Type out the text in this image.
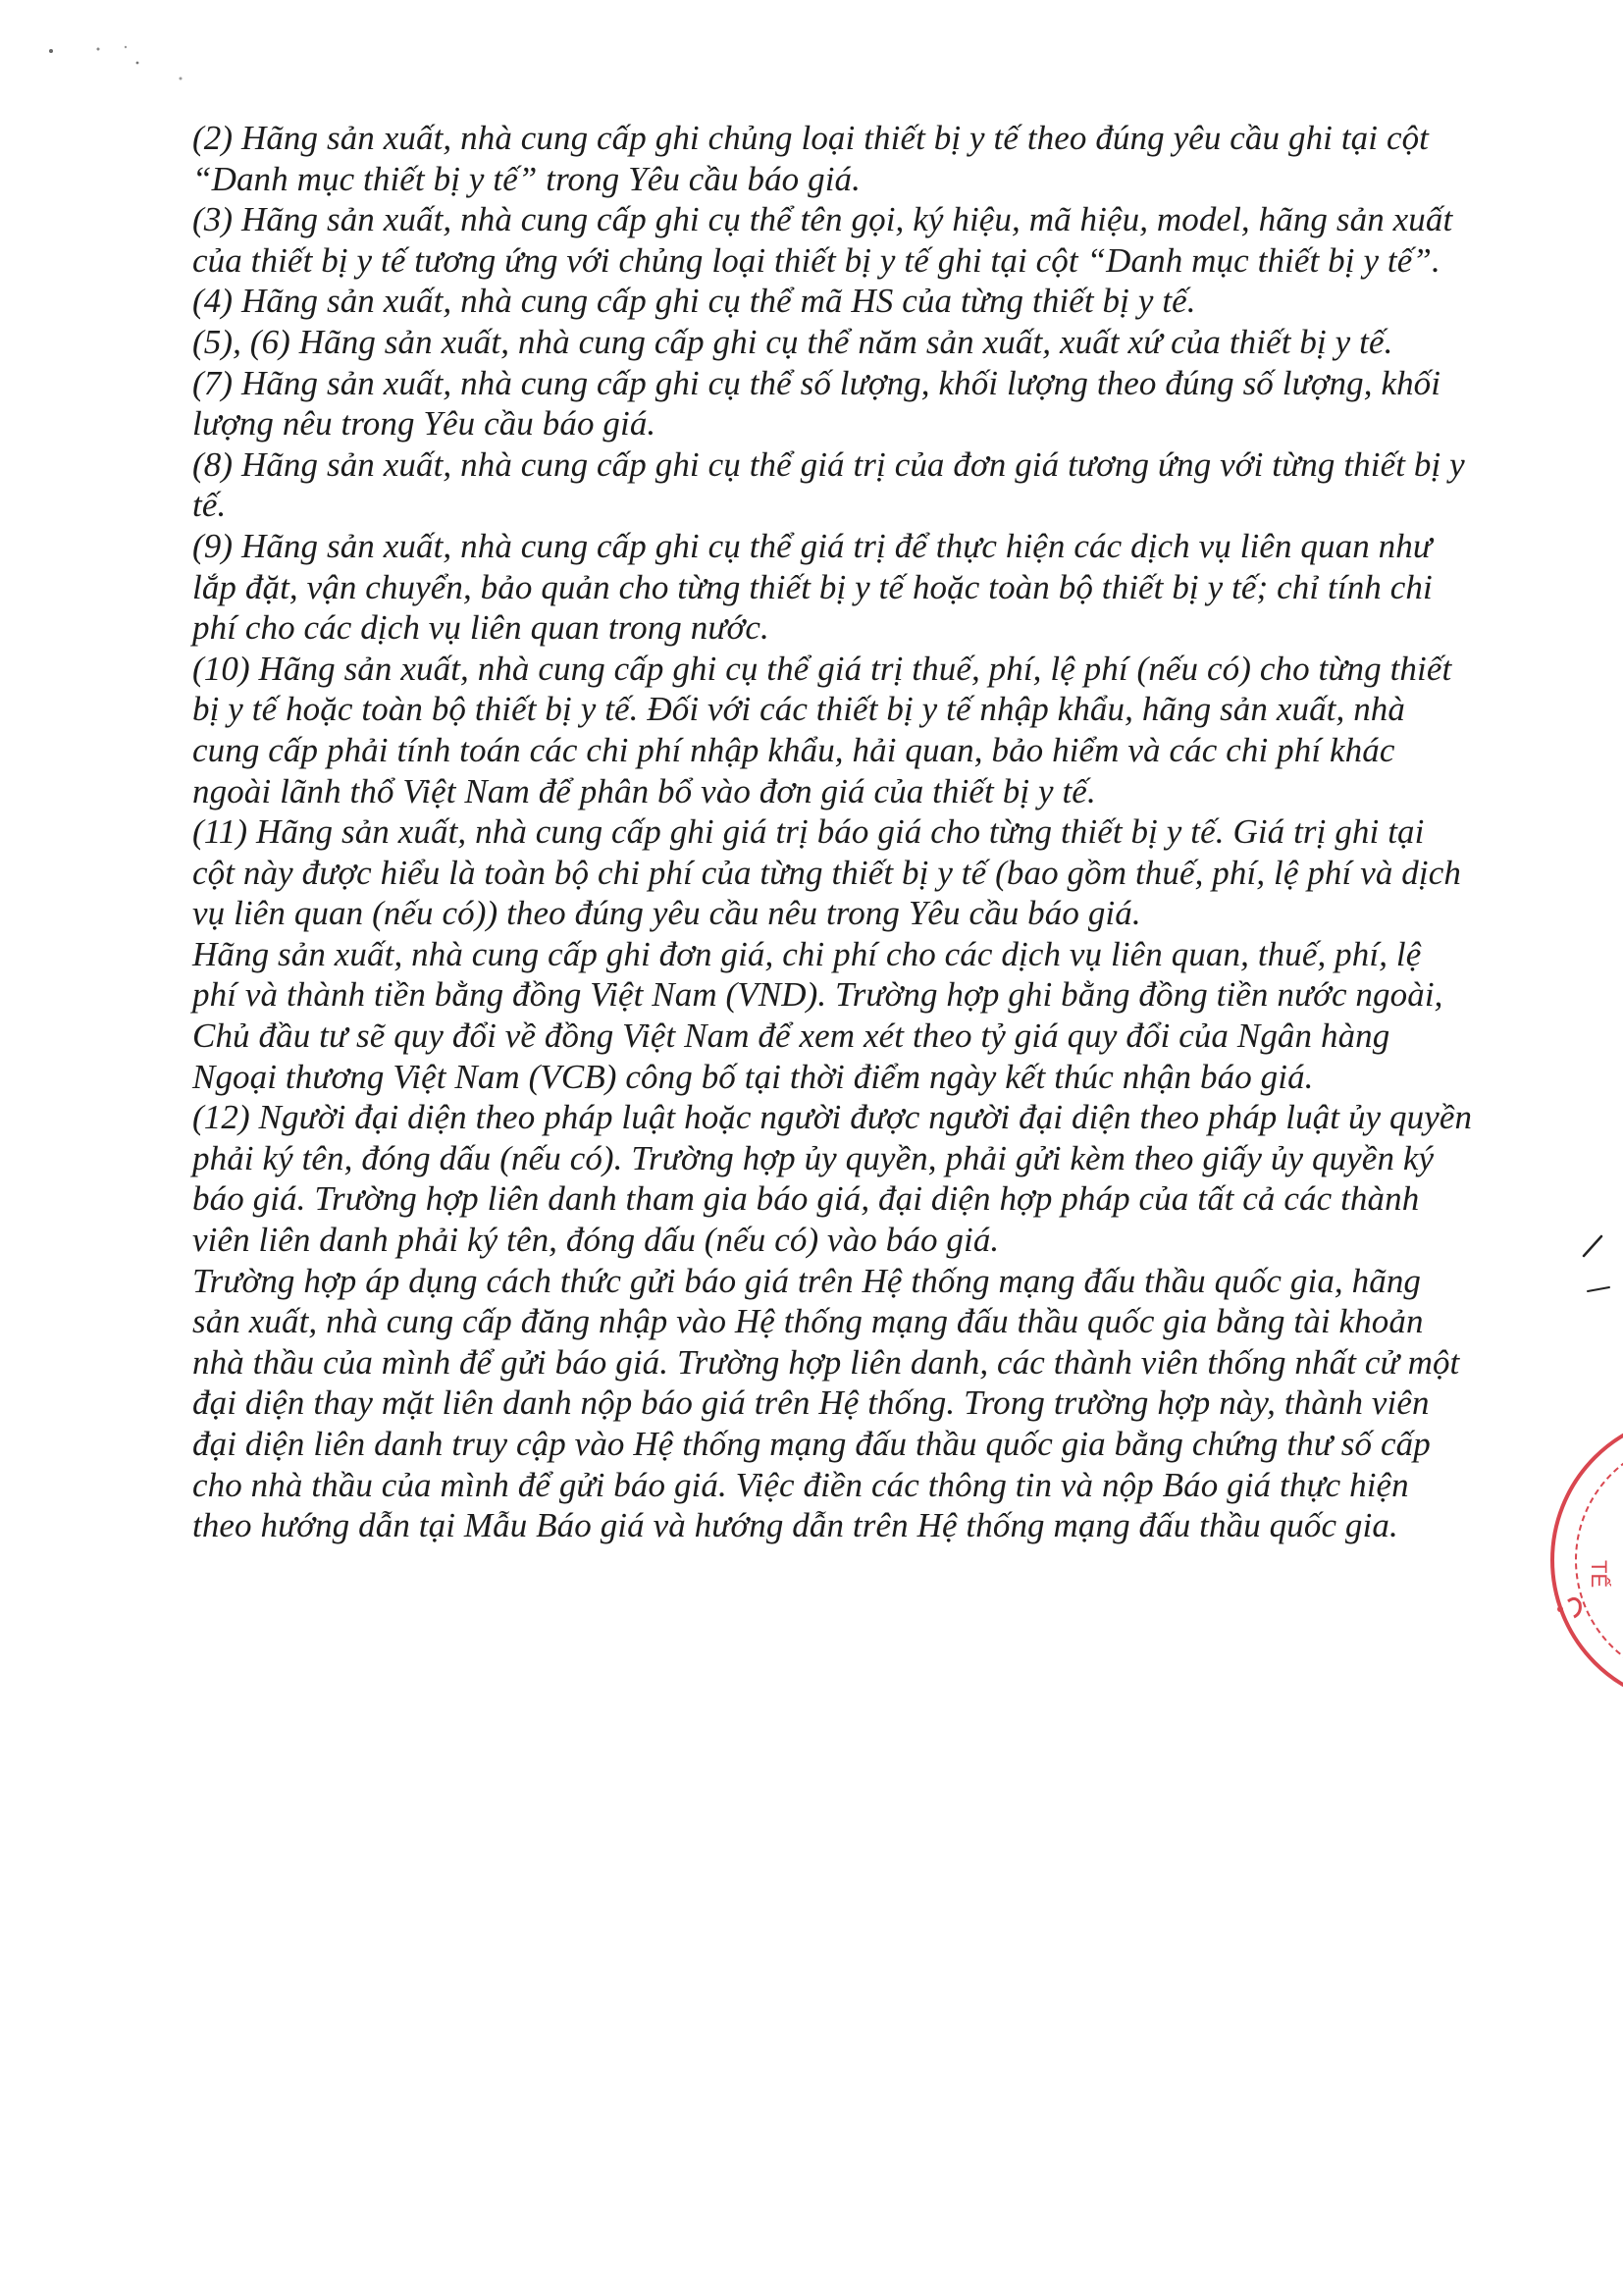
(2) Hãng sản xuất, nhà cung cấp ghi chủng loại thiết bị y tế theo đúng yêu cầu ghi tại cột
“Danh mục thiết bị y tế” trong Yêu cầu báo giá.

(3) Hãng sản xuất, nhà cung cấp ghi cụ thể tên gọi, ký hiệu, mã hiệu, model, hãng sản xuất
của thiết bị y tế tương ứng với chủng loại thiết bị y tế ghi tại cột “Danh mục thiết bị y tế”.

(4) Hãng sản xuất, nhà cung cấp ghi cụ thể mã HS của từng thiết bị y tế.

(5), (6) Hãng sản xuất, nhà cung cấp ghi cụ thể năm sản xuất, xuất xứ của thiết bị y tế.

(7) Hãng sản xuất, nhà cung cấp ghi cụ thể số lượng, khối lượng theo đúng số lượng, khối
lượng nêu trong Yêu cầu báo giá.

(8) Hãng sản xuất, nhà cung cấp ghi cụ thể giá trị của đơn giá tương ứng với từng thiết bị y
tế.

(9) Hãng sản xuất, nhà cung cấp ghi cụ thể giá trị để thực hiện các dịch vụ liên quan như
lắp đặt, vận chuyển, bảo quản cho từng thiết bị y tế hoặc toàn bộ thiết bị y tế; chỉ tính chi
phí cho các dịch vụ liên quan trong nước.

(10) Hãng sản xuất, nhà cung cấp ghi cụ thể giá trị thuế, phí, lệ phí (nếu có) cho từng thiết
bị y tế hoặc toàn bộ thiết bị y tế. Đối với các thiết bị y tế nhập khẩu, hãng sản xuất, nhà
cung cấp phải tính toán các chi phí nhập khẩu, hải quan, bảo hiểm và các chi phí khác
ngoài lãnh thổ Việt Nam để phân bổ vào đơn giá của thiết bị y tế.

(11) Hãng sản xuất, nhà cung cấp ghi giá trị báo giá cho từng thiết bị y tế. Giá trị ghi tại
cột này được hiểu là toàn bộ chi phí của từng thiết bị y tế (bao gồm thuế, phí, lệ phí và dịch
vụ liên quan (nếu có)) theo đúng yêu cầu nêu trong Yêu cầu báo giá.

Hãng sản xuất, nhà cung cấp ghi đơn giá, chi phí cho các dịch vụ liên quan, thuế, phí, lệ
phí và thành tiền bằng đồng Việt Nam (VND). Trường hợp ghi bằng đồng tiền nước ngoài,
Chủ đầu tư sẽ quy đổi về đồng Việt Nam để xem xét theo tỷ giá quy đổi của Ngân hàng
Ngoại thương Việt Nam (VCB) công bố tại thời điểm ngày kết thúc nhận báo giá.

(12) Người đại diện theo pháp luật hoặc người được người đại diện theo pháp luật ủy quyền
phải ký tên, đóng dấu (nếu có). Trường hợp ủy quyền, phải gửi kèm theo giấy ủy quyền ký
báo giá. Trường hợp liên danh tham gia báo giá, đại diện hợp pháp của tất cả các thành
viên liên danh phải ký tên, đóng dấu (nếu có) vào báo giá.

Trường hợp áp dụng cách thức gửi báo giá trên Hệ thống mạng đấu thầu quốc gia, hãng
sản xuất, nhà cung cấp đăng nhập vào Hệ thống mạng đấu thầu quốc gia bằng tài khoản
nhà thầu của mình để gửi báo giá. Trường hợp liên danh, các thành viên thống nhất cử một
đại diện thay mặt liên danh nộp báo giá trên Hệ thống. Trong trường hợp này, thành viên
đại diện liên danh truy cập vào Hệ thống mạng đấu thầu quốc gia bằng chứng thư số cấp
cho nhà thầu của mình để gửi báo giá. Việc điền các thông tin và nộp Báo giá thực hiện
theo hướng dẫn tại Mẫu Báo giá và hướng dẫn trên Hệ thống mạng đấu thầu quốc gia.

TẾ
